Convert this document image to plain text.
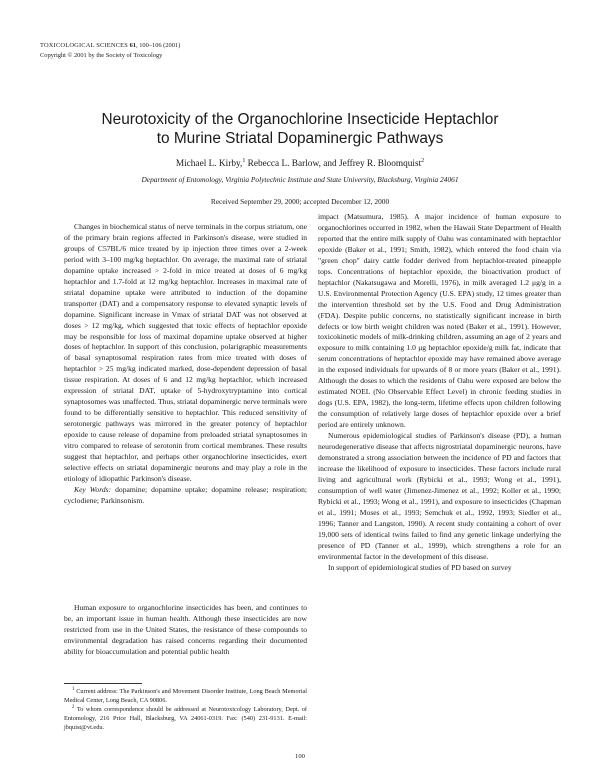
TOXICOLOGICAL SCIENCES 61, 100–106 (2001)
Copyright © 2001 by the Society of Toxicology
Neurotoxicity of the Organochlorine Insecticide Heptachlor
to Murine Striatal Dopaminergic Pathways
Michael L. Kirby,$^1$ Rebecca L. Barlow, and Jeffrey R. Bloomquist$^2$
Department of Entomology, Virginia Polytechnic Institute and State University, Blacksburg, Virginia 24061
Received September 29, 2000; accepted December 12, 2000

Changes in biochemical status of nerve terminals in the corpus striatum, one of the primary brain regions affected in Parkinson's disease, were studied in groups of C57BL/6 mice treated by ip injection three times over a 2-week period with 3–100 mg/kg heptachlor. On average, the maximal rate of striatal dopamine uptake increased > 2-fold in mice treated at doses of 6 mg/kg heptachlor and 1.7-fold at 12 mg/kg heptachlor. Increases in maximal rate of striatal dopamine uptake were attributed to induction of the dopamine transporter (DAT) and a compensatory response to elevated synaptic levels of dopamine. Significant increase in Vmax of striatal DAT was not observed at doses > 12 mg/kg, which suggested that toxic effects of heptachlor epoxide may be responsible for loss of maximal dopamine uptake observed at higher doses of heptachlor. In support of this conclusion, polarigraphic measurements of basal synaptosomal respiration rates from mice treated with doses of heptachlor > 25 mg/kg indicated marked, dose-dependent depression of basal tissue respiration. At doses of 6 and 12 mg/kg heptachlor, which increased expression of striatal DAT, uptake of 5-hydroxytryptamine into cortical synaptosomes was unaffected. Thus, striatal dopaminergic nerve terminals were found to be differentially sensitive to heptachlor. This reduced sensitivity of serotonergic pathways was mirrored in the greater potency of heptachlor epoxide to cause release of dopamine from preloaded striatal synaptosomes in vitro compared to release of serotonin from cortical membranes. These results suggest that heptachlor, and perhaps other organochlorine insecticides, exert selective effects on striatal dopaminergic neurons and may play a role in the etiology of idiopathic Parkinson's disease.

Key Words: dopamine; dopamine uptake; dopamine release; respiration; cyclodiene; Parkinsonism.

Human exposure to organochlorine insecticides has been, and continues to be, an important issue in human health. Although these insecticides are now restricted from use in the United States, the resistance of these compounds to environmental degradation has raised concerns regarding their documented ability for bioaccumulation and potential public health

$^1$ Current address: The Parkinson's and Movement Disorder Institute, Long Beach Memorial Medical Center, Long Beach, CA 90806.

$^2$ To whom correspondence should be addressed at Neurotoxicology Laboratory, Dept. of Entomology, 216 Price Hall, Blacksburg, VA 24061-0319. Fax: (540) 231-9131. E-mail: jbquist@vt.edu.

impact (Matsumura, 1985). A major incidence of human exposure to organochlorines occurred in 1982, when the Hawaii State Department of Health reported that the entire milk supply of Oahu was contaminated with heptachlor epoxide (Baker et al., 1991; Smith, 1982), which entered the food chain via "green chop" dairy cattle fodder derived from heptachlor-treated pineapple tops. Concentrations of heptachlor epoxide, the bioactivation product of heptachlor (Nakatsugawa and Morelli, 1976), in milk averaged 1.2 μg/g in a U.S. Environmental Protection Agency (U.S. EPA) study, 12 times greater than the intervention threshold set by the U.S. Food and Drug Administration (FDA). Despite public concerns, no statistically significant increase in birth defects or low birth weight children was noted (Baker et al., 1991). However, toxicokinetic models of milk-drinking children, assuming an age of 2 years and exposure to milk containing 1.0 μg heptachlor epoxide/g milk fat, indicate that serum concentrations of heptachlor epoxide may have remained above average in the exposed individuals for upwards of 8 or more years (Baker et al., 1991). Although the doses to which the residents of Oahu were exposed are below the estimated NOEL (No Observable Effect Level) in chronic feeding studies in dogs (U.S. EPA, 1982), the long-term, lifetime effects upon children following the consumption of relatively large doses of heptachlor epoxide over a brief period are entirely unknown.

Numerous epidemiological studies of Parkinson's disease (PD), a human neurodegenerative disease that affects nigrostriatal dopaminergic neurons, have demonstrated a strong association between the incidence of PD and factors that increase the likelihood of exposure to insecticides. These factors include rural living and agricultural work (Rybicki et al., 1993; Wong et al., 1991), consumption of well water (Jimenez-Jimenez et al., 1992; Koller et al., 1990; Rybicki et al., 1993; Wong et al., 1991), and exposure to insecticides (Chapman et al., 1991; Moses et al., 1993; Semchuk et al., 1992, 1993; Siedler et al., 1996; Tanner and Langston, 1990). A recent study containing a cohort of over 19,000 sets of identical twins failed to find any genetic linkage underlying the presence of PD (Tanner et al., 1999), which strengthens a role for an environmental factor in the development of this disease.

In support of epidemiological studies of PD based on survey

100
